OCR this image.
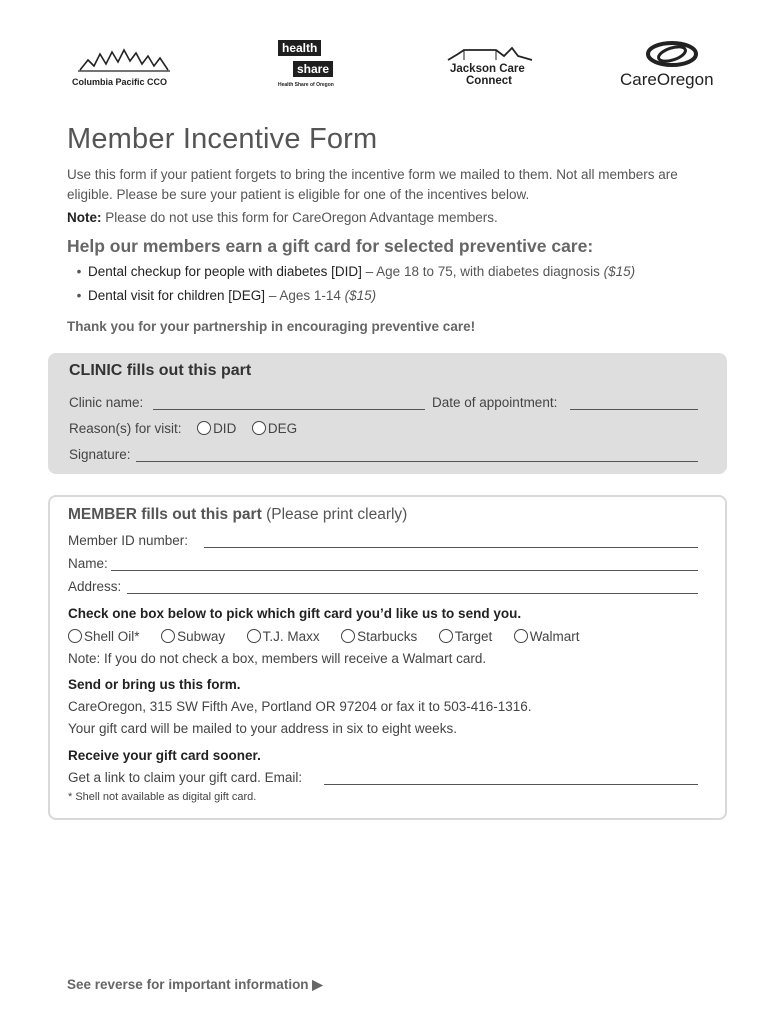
Columbia Pacific CCO
health
share
Health Share of Oregon
Jackson Care
Connect	CareOregon
Member Incentive Form
Use this form if your patient forgets to bring the incentive form we mailed to them. Not all members are eligible. Please be sure your patient is eligible for one of the incentives below.
Note: Please do not use this form for CareOregon Advantage members.
Help our members earn a gift card for selected preventive care:
• Dental checkup for people with diabetes [DID] – Age 18 to 75, with diabetes diagnosis ($15)
• Dental visit for children [DEG] – Ages 1-14 ($15)
Thank you for your partnership in encouraging preventive care!
CLINIC fills out this part
Clinic name:	Date of appointment:
Reason(s) for visit: DID DEG
Signature:
MEMBER fills out this part (Please print clearly)
Member ID number:
Name:
Address:
Check one box below to pick which gift card you’d like us to send you.
Shell Oil*	Subway	T.J. Maxx	Starbucks	Target	Walmart
Note: If you do not check a box, members will receive a Walmart card.
Send or bring us this form.
CareOregon, 315 SW Fifth Ave, Portland OR 97204 or fax it to 503-416-1316.
Your gift card will be mailed to your address in six to eight weeks.
Receive your gift card sooner.
Get a link to claim your gift card. Email:
* Shell not available as digital gift card.
See reverse for important information ▶
